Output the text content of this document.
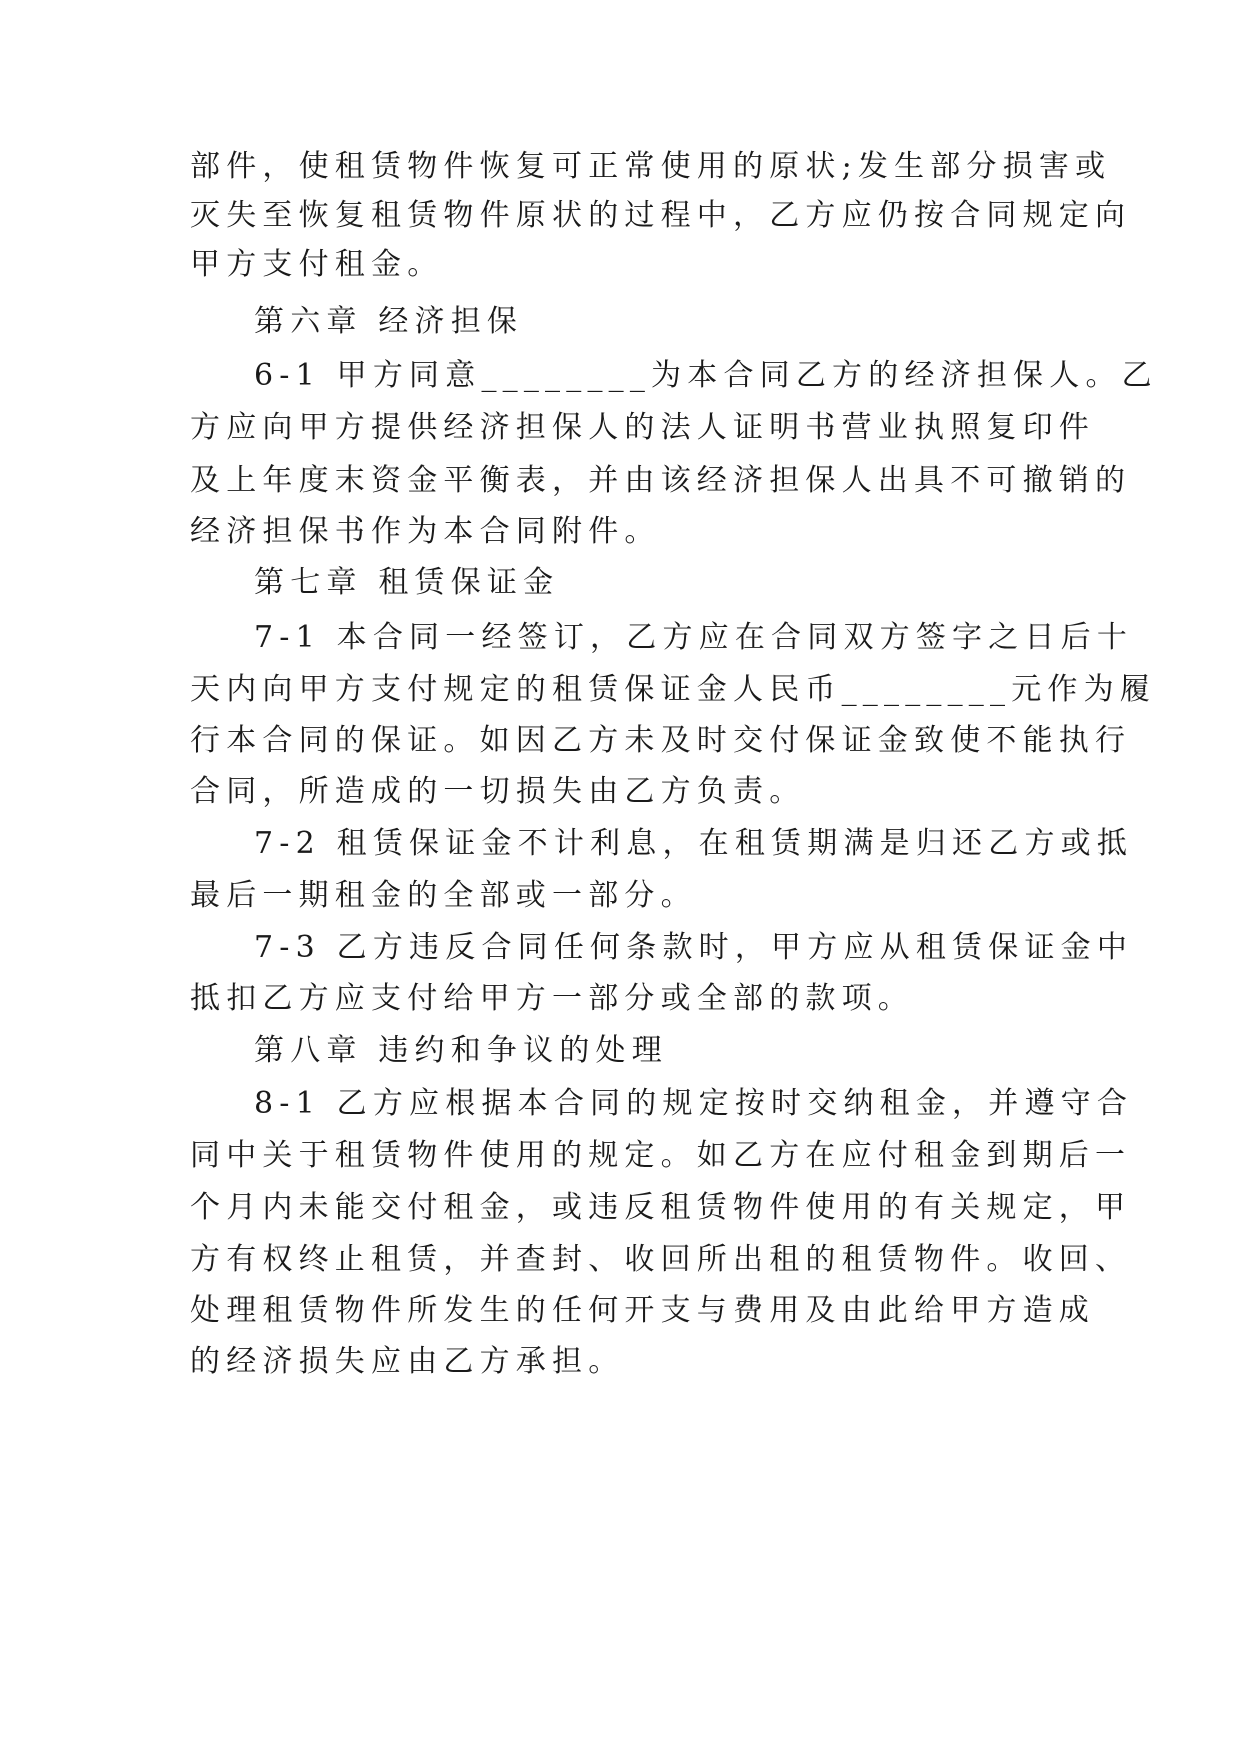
部件，使租赁物件恢复可正常使用的原状;发生部分损害或
灭失至恢复租赁物件原状的过程中，乙方应仍按合同规定向
甲方支付租金。
第六章 经济担保
6-1 甲方同意________为本合同乙方的经济担保人。乙
方应向甲方提供经济担保人的法人证明书营业执照复印件
及上年度末资金平衡表，并由该经济担保人出具不可撤销的
经济担保书作为本合同附件。
第七章 租赁保证金
7-1 本合同一经签订，乙方应在合同双方签字之日后十
天内向甲方支付规定的租赁保证金人民币________元作为履
行本合同的保证。如因乙方未及时交付保证金致使不能执行
合同，所造成的一切损失由乙方负责。
7-2 租赁保证金不计利息，在租赁期满是归还乙方或抵
最后一期租金的全部或一部分。
7-3 乙方违反合同任何条款时，甲方应从租赁保证金中
抵扣乙方应支付给甲方一部分或全部的款项。
第八章 违约和争议的处理
8-1 乙方应根据本合同的规定按时交纳租金，并遵守合
同中关于租赁物件使用的规定。如乙方在应付租金到期后一
个月内未能交付租金，或违反租赁物件使用的有关规定，甲
方有权终止租赁，并查封、收回所出租的租赁物件。收回、
处理租赁物件所发生的任何开支与费用及由此给甲方造成
的经济损失应由乙方承担。
